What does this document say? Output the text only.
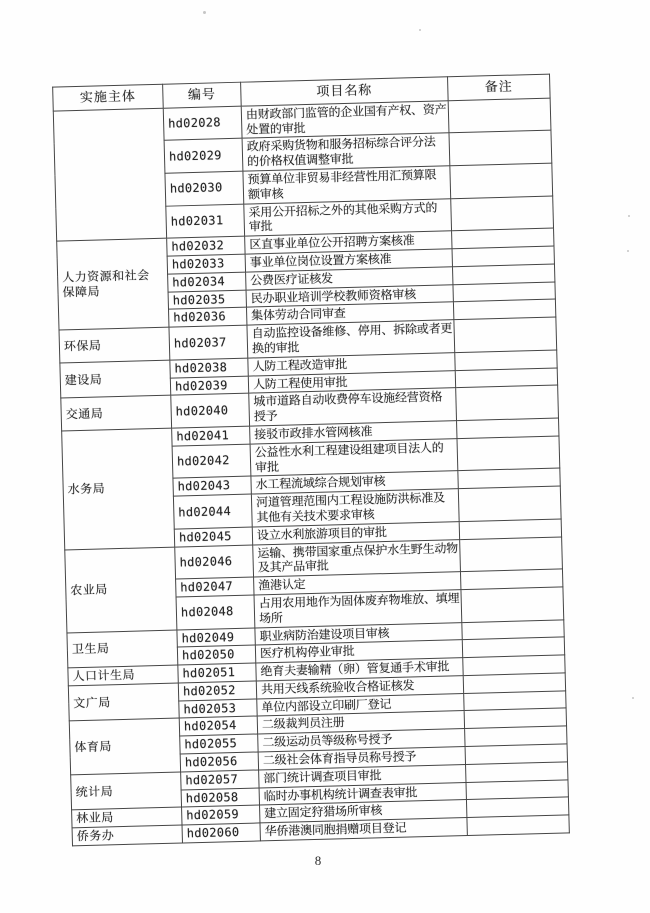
实施主体	编号	项目名称	备注
	hd02028	由财政部门监管的企业国有产权、资产
处置的审批	
	hd02029	政府采购货物和服务招标综合评分法
的价格权值调整审批	
	hd02030	预算单位非贸易非经营性用汇预算限
额审核	
	hd02031	采用公开招标之外的其他采购方式的
审批	
人力资源和社会
保障局	hd02032	区直事业单位公开招聘方案核准	
	hd02033	事业单位岗位设置方案核准	
	hd02034	公费医疗证核发	
	hd02035	民办职业培训学校教师资格审核	
	hd02036	集体劳动合同审查	
环保局	hd02037	自动监控设备维修、停用、拆除或者更
换的审批	
建设局	hd02038	人防工程改造审批	
	hd02039	人防工程使用审批	
交通局	hd02040	城市道路自动收费停车设施经营资格
授予	
水务局	hd02041	接驳市政排水管网核准	
	hd02042	公益性水利工程建设组建项目法人的
审批	
	hd02043	水工程流域综合规划审核	
	hd02044	河道管理范围内工程设施防洪标准及
其他有关技术要求审核	
	hd02045	设立水利旅游项目的审批	
农业局	hd02046	运输、携带国家重点保护水生野生动物
及其产品审批	
	hd02047	渔港认定	
	hd02048	占用农用地作为固体废弃物堆放、填埋
场所	
卫生局	hd02049	职业病防治建设项目审核	
	hd02050	医疗机构停业审批	
人口计生局	hd02051	绝育夫妻输精（卵）管复通手术审批	
文广局	hd02052	共用天线系统验收合格证核发	
	hd02053	单位内部设立印刷厂登记	
体育局	hd02054	二级裁判员注册	
	hd02055	二级运动员等级称号授予	
	hd02056	二级社会体育指导员称号授予	
统计局	hd02057	部门统计调查项目审批	
	hd02058	临时办事机构统计调查表审批	
林业局	hd02059	建立固定狩猎场所审核	
侨务办	hd02060	华侨港澳同胞捐赠项目登记	
8
